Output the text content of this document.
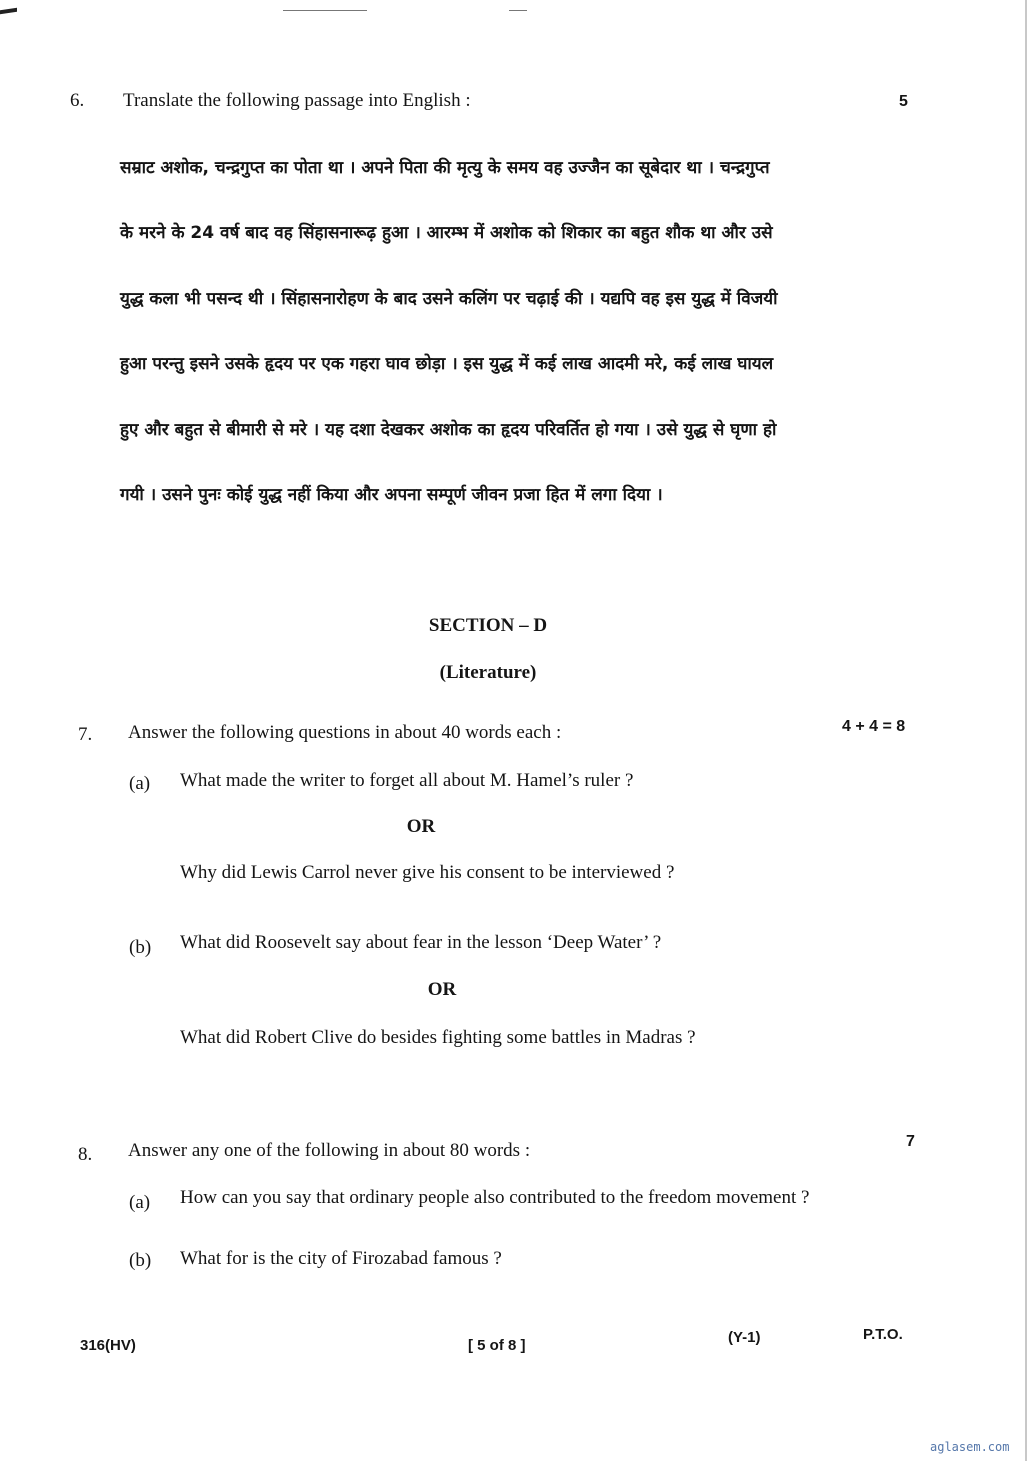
6. Translate the following passage into English :	5
सम्राट अशोक, चन्द्रगुप्त का पोता था । अपने पिता की मृत्यु के समय वह उज्जैन का सूबेदार था । चन्द्रगुप्त
के मरने के 24 वर्ष बाद वह सिंहासनारूढ़ हुआ । आरम्भ में अशोक को शिकार का बहुत शौक था और उसे
युद्ध कला भी पसन्द थी । सिंहासनारोहण के बाद उसने कलिंग पर चढ़ाई की । यद्यपि वह इस युद्ध में विजयी
हुआ परन्तु इसने उसके हृदय पर एक गहरा घाव छोड़ा । इस युद्ध में कई लाख आदमी मरे, कई लाख घायल
हुए और बहुत से बीमारी से मरे । यह दशा देखकर अशोक का हृदय परिवर्तित हो गया । उसे युद्ध से घृणा हो
गयी । उसने पुनः कोई युद्ध नहीं किया और अपना सम्पूर्ण जीवन प्रजा हित में लगा दिया ।
SECTION – D
(Literature)
7. Answer the following questions in about 40 words each :	4 + 4 = 8
(a) What made the writer to forget all about M. Hamel’s ruler ?
OR
Why did Lewis Carrol never give his consent to be interviewed ?
(b) What did Roosevelt say about fear in the lesson ‘Deep Water’ ?
OR
What did Robert Clive do besides fighting some battles in Madras ?
8. Answer any one of the following in about 80 words :	7
(a) How can you say that ordinary people also contributed to the freedom movement ?
(b) What for is the city of Firozabad famous ?
316(HV)	[ 5 of 8 ]	(Y-1)	P.T.O.
aglasem.com
